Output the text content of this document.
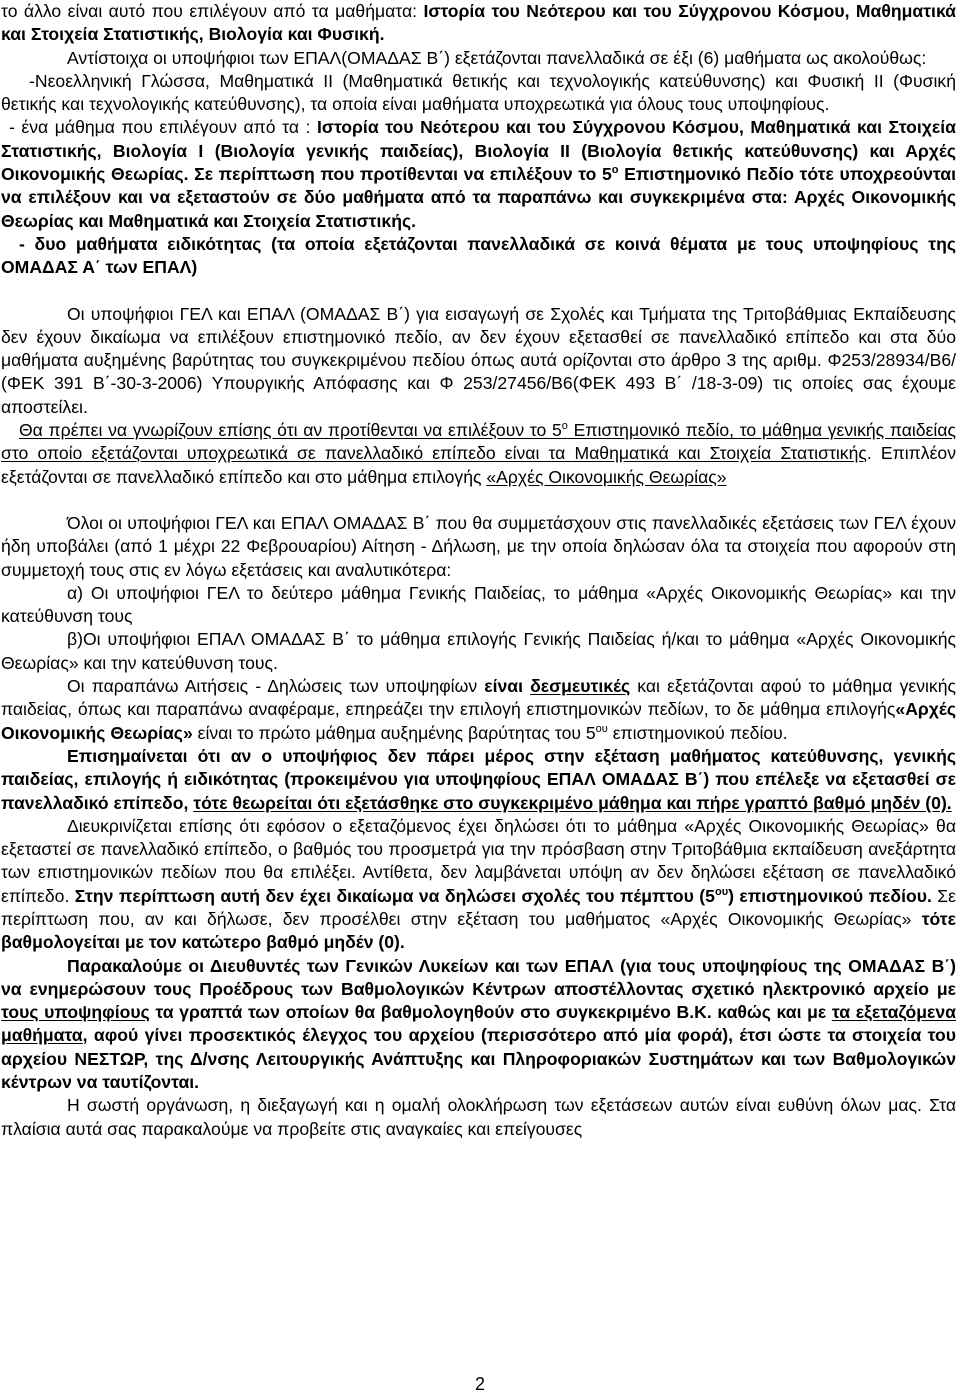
το άλλο είναι αυτό που επιλέγουν από τα μαθήματα: Ιστορία του Νεότερου και του Σύγχρονου Κόσμου, Μαθηματικά και Στοιχεία Στατιστικής, Βιολογία και Φυσική.

Αντίστοιχα οι υποψήφιοι των ΕΠΑΛ(ΟΜΑΔΑΣ Β΄) εξετάζονται πανελλαδικά σε έξι (6) μαθήματα ως ακολούθως:

-Νεοελληνική Γλώσσα, Μαθηματικά ΙΙ (Μαθηματικά θετικής και τεχνολογικής κατεύθυνσης) και Φυσική ΙΙ (Φυσική θετικής και τεχνολογικής κατεύθυνσης), τα οποία είναι μαθήματα υποχρεωτικά για όλους τους υποψηφίους.

- ένα μάθημα που επιλέγουν από τα : Ιστορία του Νεότερου και του Σύγχρονου Κόσμου, Μαθηματικά και Στοιχεία Στατιστικής, Βιολογία Ι (Βιολογία γενικής παιδείας), Βιολογία ΙΙ (Βιολογία θετικής κατεύθυνσης) και Αρχές Οικονομικής Θεωρίας. Σε περίπτωση που προτίθενται να επιλέξουν το $5^o$ Επιστημονικό Πεδίο τότε υποχρεούνται να επιλέξουν και να εξεταστούν σε δύο μαθήματα από τα παραπάνω και συγκεκριμένα στα: Αρχές Οικονομικής Θεωρίας και Μαθηματικά και Στοιχεία Στατιστικής.

- δυο μαθήματα ειδικότητας (τα οποία εξετάζονται πανελλαδικά σε κοινά θέματα με τους υποψηφίους της ΟΜΑΔΑΣ Α΄ των ΕΠΑΛ)

Οι υποψήφιοι ΓΕΛ και ΕΠΑΛ (ΟΜΑΔΑΣ Β΄) για εισαγωγή σε Σχολές και Τμήματα της Τριτοβάθμιας Εκπαίδευσης δεν έχουν δικαίωμα να επιλέξουν επιστημονικό πεδίο, αν δεν έχουν εξετασθεί σε πανελλαδικό επίπεδο και στα δύο μαθήματα αυξημένης βαρύτητας του συγκεκριμένου πεδίου όπως αυτά ορίζονται στο άρθρο 3 της αριθμ. Φ253/28934/Β6/ (ΦΕΚ 391 Β΄-30-3-2006) Υπουργικής Απόφασης και Φ 253/27456/Β6(ΦΕΚ 493 Β΄ /18-3-09) τις οποίες σας έχουμε αποστείλει.

Θα πρέπει να γνωρίζουν επίσης ότι αν προτίθενται να επιλέξουν το $5^o$ Επιστημονικό πεδίο, το μάθημα γενικής παιδείας στο οποίο εξετάζονται υποχρεωτικά σε πανελλαδικό επίπεδο είναι τα Μαθηματικά και Στοιχεία Στατιστικής. Επιπλέον εξετάζονται σε πανελλαδικό επίπεδο και στο μάθημα επιλογής «Αρχές Οικονομικής Θεωρίας»

Όλοι οι υποψήφιοι ΓΕΛ και ΕΠΑΛ ΟΜΑΔΑΣ Β΄ που θα συμμετάσχουν στις πανελλαδικές εξετάσεις των ΓΕΛ έχουν ήδη υποβάλει (από 1 μέχρι 22 Φεβρουαρίου) Αίτηση - Δήλωση, με την οποία δηλώσαν όλα τα στοιχεία που αφορούν στη συμμετοχή τους στις εν λόγω εξετάσεις και αναλυτικότερα:

α) Οι υποψήφιοι ΓΕΛ το δεύτερο μάθημα Γενικής Παιδείας, το μάθημα «Αρχές Οικονομικής Θεωρίας» και την κατεύθυνση τους

β)Οι υποψήφιοι ΕΠΑΛ ΟΜΑΔΑΣ Β΄ το μάθημα επιλογής Γενικής Παιδείας ή/και το μάθημα «Αρχές Οικονομικής Θεωρίας» και την κατεύθυνση τους.

Οι παραπάνω Αιτήσεις - Δηλώσεις των υποψηφίων είναι δεσμευτικές και εξετάζονται αφού το μάθημα γενικής παιδείας, όπως και παραπάνω αναφέραμε, επηρεάζει την επιλογή επιστημονικών πεδίων, το δε μάθημα επιλογής«Αρχές Οικονομικής Θεωρίας» είναι το πρώτο μάθημα αυξημένης βαρύτητας του $5^{o\upsilon}$ επιστημονικού πεδίου.

Επισημαίνεται ότι αν ο υποψήφιος δεν πάρει μέρος στην εξέταση μαθήματος κατεύθυνσης, γενικής παιδείας, επιλογής ή ειδικότητας (προκειμένου για υποψηφίους ΕΠΑΛ ΟΜΑΔΑΣ Β΄) που επέλεξε να εξετασθεί σε πανελλαδικό επίπεδο, τότε θεωρείται ότι εξετάσθηκε στο συγκεκριμένο μάθημα και πήρε γραπτό βαθμό μηδέν (0).

Διευκρινίζεται επίσης ότι εφόσον ο εξεταζόμενος έχει δηλώσει ότι το μάθημα «Αρχές Οικονομικής Θεωρίας» θα εξεταστεί σε πανελλαδικό επίπεδο, ο βαθμός του προσμετρά για την πρόσβαση στην Τριτοβάθμια εκπαίδευση ανεξάρτητα των επιστημονικών πεδίων που θα επιλέξει. Αντίθετα, δεν λαμβάνεται υπόψη αν δεν δηλώσει εξέταση σε πανελλαδικό επίπεδο. Στην περίπτωση αυτή δεν έχει δικαίωμα να δηλώσει σχολές του πέμπτου $(5^{o\upsilon})$ επιστημονικού πεδίου. Σε περίπτωση που, αν και δήλωσε, δεν προσέλθει στην εξέταση του μαθήματος «Αρχές Οικονομικής Θεωρίας» τότε βαθμολογείται με τον κατώτερο βαθμό μηδέν (0).

Παρακαλούμε οι Διευθυντές των Γενικών Λυκείων και των ΕΠΑΛ (για τους υποψηφίους της ΟΜΑΔΑΣ Β΄) να ενημερώσουν τους Προέδρους των Βαθμολογικών Κέντρων αποστέλλοντας σχετικό ηλεκτρονικό αρχείο με τους υποψηφίους τα γραπτά των οποίων θα βαθμολογηθούν στο συγκεκριμένο Β.Κ. καθώς και με τα εξεταζόμενα μαθήματα, αφού γίνει προσεκτικός έλεγχος του αρχείου (περισσότερο από μία φορά), έτσι ώστε τα στοιχεία του αρχείου ΝΕΣΤΩΡ, της Δ/νσης Λειτουργικής Ανάπτυξης και Πληροφοριακών Συστημάτων και των Βαθμολογικών κέντρων να ταυτίζονται.

Η σωστή οργάνωση, η διεξαγωγή και η ομαλή ολοκλήρωση των εξετάσεων αυτών είναι ευθύνη όλων μας. Στα πλαίσια αυτά σας παρακαλούμε να προβείτε στις αναγκαίες και επείγουσες

2
